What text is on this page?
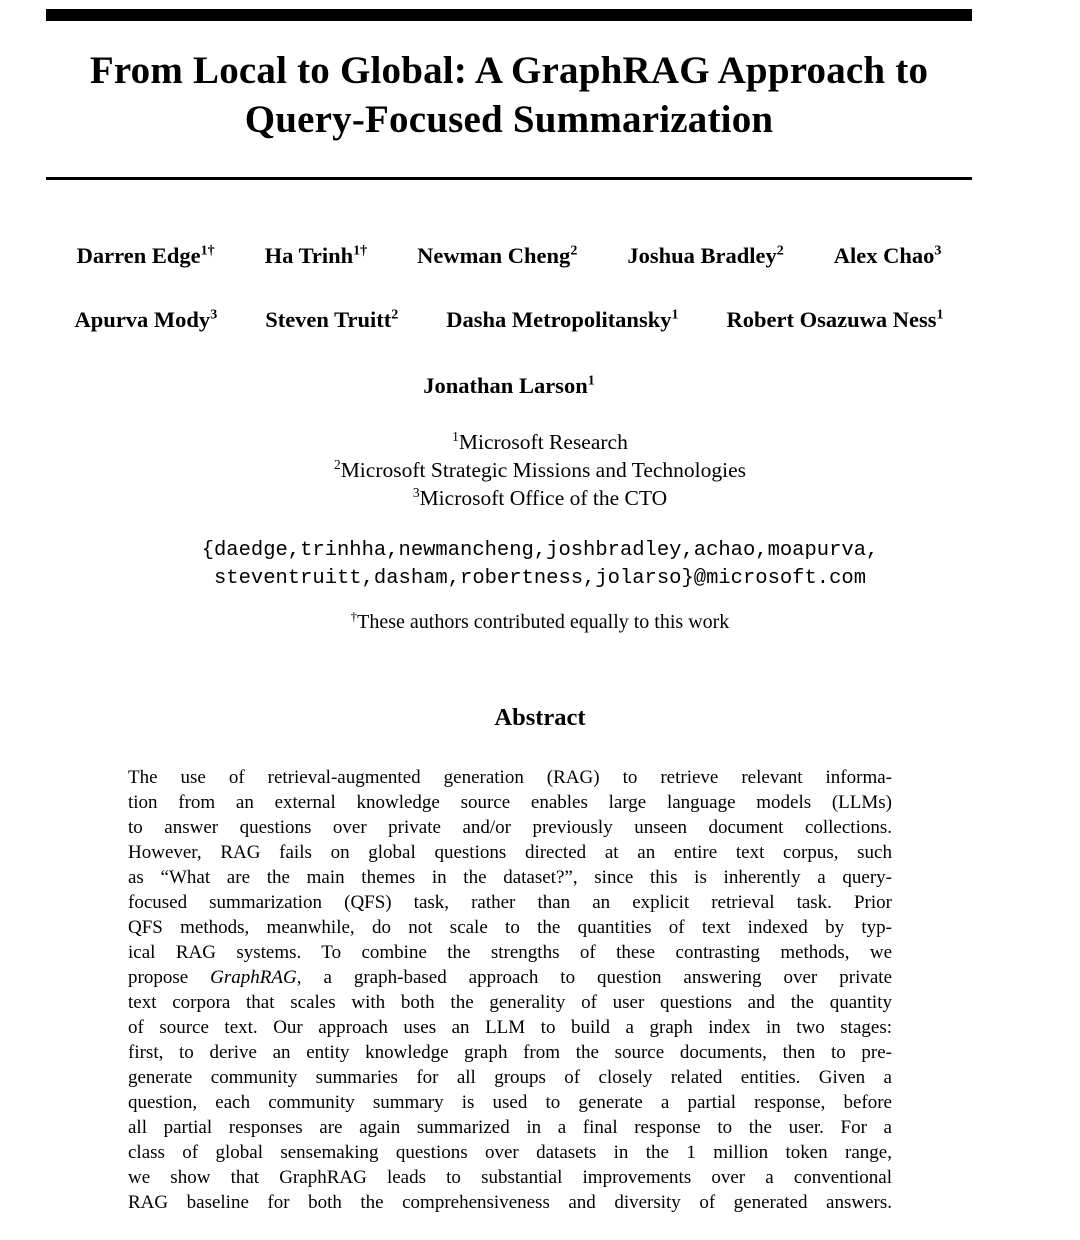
From Local to Global: A GraphRAG Approach to
Query-Focused Summarization
Darren Edge$^{1\dagger}$ Ha Trinh$^{1\dagger}$ Newman Cheng$^2$ Joshua Bradley$^2$ Alex Chao$^3$
Apurva Mody$^3$ Steven Truitt$^2$ Dasha Metropolitansky$^1$ Robert Osazuwa Ness$^1$
Jonathan Larson$^1$
$^1$Microsoft Research
$^2$Microsoft Strategic Missions and Technologies
$^3$Microsoft Office of the CTO
{daedge,trinhha,newmancheng,joshbradley,achao,moapurva,
steventruitt,dasham,robertness,jolarso}@microsoft.com
†These authors contributed equally to this work
Abstract
The use of retrieval-augmented generation (RAG) to retrieve relevant informa-
tion from an external knowledge source enables large language models (LLMs)
to answer questions over private and/or previously unseen document collections.
However, RAG fails on global questions directed at an entire text corpus, such
as “What are the main themes in the dataset?”, since this is inherently a query-
focused summarization (QFS) task, rather than an explicit retrieval task. Prior
QFS methods, meanwhile, do not scale to the quantities of text indexed by typ-
ical RAG systems. To combine the strengths of these contrasting methods, we
propose GraphRAG, a graph-based approach to question answering over private
text corpora that scales with both the generality of user questions and the quantity
of source text. Our approach uses an LLM to build a graph index in two stages:
first, to derive an entity knowledge graph from the source documents, then to pre-
generate community summaries for all groups of closely related entities. Given a
question, each community summary is used to generate a partial response, before
all partial responses are again summarized in a final response to the user. For a
class of global sensemaking questions over datasets in the 1 million token range,
we show that GraphRAG leads to substantial improvements over a conventional
RAG baseline for both the comprehensiveness and diversity of generated answers.
